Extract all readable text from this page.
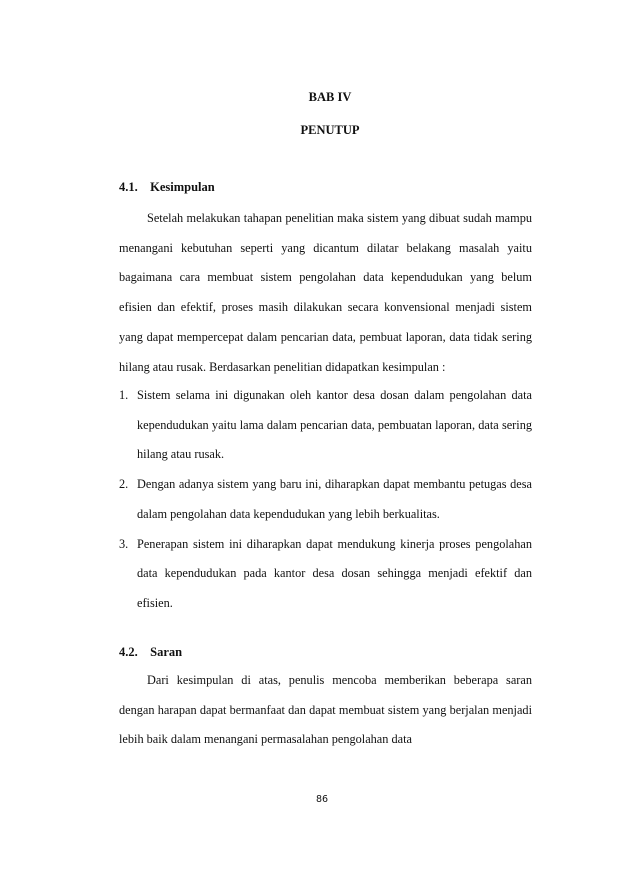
BAB IV
PENUTUP
4.1. Kesimpulan

Setelah melakukan tahapan penelitian maka sistem yang dibuat sudah mampu menangani kebutuhan seperti yang dicantum dilatar belakang masalah yaitu bagaimana cara membuat sistem pengolahan data kependudukan yang belum efisien dan efektif, proses masih dilakukan secara konvensional menjadi sistem yang dapat mempercepat dalam pencarian data, pembuat laporan, data tidak sering hilang atau rusak. Berdasarkan penelitian didapatkan kesimpulan :

1. Sistem selama ini digunakan oleh kantor desa dosan dalam pengolahan data kependudukan yaitu lama dalam pencarian data, pembuatan laporan, data sering hilang atau rusak.
2. Dengan adanya sistem yang baru ini, diharapkan dapat membantu petugas desa dalam pengolahan data kependudukan yang lebih berkualitas.
3. Penerapan sistem ini diharapkan dapat mendukung kinerja proses pengolahan data kependudukan pada kantor desa dosan sehingga menjadi efektif dan efisien.
4.2. Saran

Dari kesimpulan di atas, penulis mencoba memberikan beberapa saran dengan harapan dapat bermanfaat dan dapat membuat sistem yang berjalan menjadi lebih baik dalam menangani permasalahan pengolahan data

86
